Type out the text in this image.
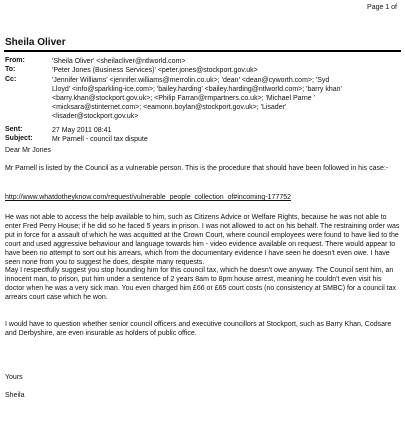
Page 1 of
Sheila Oliver
From:	'Sheila Oliver' <sheilacliver@ntlworld.com>
To:	'Peter Jones (Business Services)' <peter.jones@stockport.gov.uk>
Cc:	'Jennifer Williams' <jennifer.williams@merrolin.co.uk>; 'dean' <dean@cyworth.com>; 'Syd
Lloyd' <info@sparkling-ice.com>; 'bailey.harding' <bailey.harding@ntlworld.com>; 'barry khan'
<barry.khan@stockport.gov.uk>; <Philip Farran@rmpartners.co.uk>; 'Michael Parne '
<micksara@stinternet.com>; <eamonn.boylan@stockport.gov.uk>; 'Lisader'
<lisader@stockport.gov.uk>
Sent:	27 May 2011 08:41
Subject:	Mr Parnell - council tax dispute
Dear Mr Jones
Mr Parnell is listed by the Council as a vulnerable person. This is the procedure that should have been followed in his case:-
http://www.whatdotheyknow.com/request/vulnerable_people_collection_of#incoming-177752
He was not able to access the help available to him, such as Citizens Advice or Welfare Rights, because he was not able to enter Fred Perry House; if he did so he faced 5 years in prison. I was not allowed to act on his behalf. The restraining order was put in force for a assault of which he was acquitted at the Crown Court, where council employees were found to have lied to the court and used aggressive behaviour and language towards him - video evidence available on request. There would appear to have been no attempt to sort out his arrears, which from the documentary evidence I have seen he doesn't even owe. I have seen none from you to suggest he does, despite many requests.
May I respectfully suggest you stop hounding him for this council tax, which he doesn't owe anyway. The Council sent him, an innocent man, to prison, put him under a sentence of 2 years 8am to 8pm house arrest, meaning he couldn't even visit his doctor when he was a very sick man. You even charged him £66 or £65 court costs (no consistency at SMBC) for a council tax arrears court case which he won.
I would have to question whether senior council officers and executive councillors at Stockport, such as Barry Khan, Codsare and Derbyshire, are even insurable as holders of public office.
Yours
Sheila
